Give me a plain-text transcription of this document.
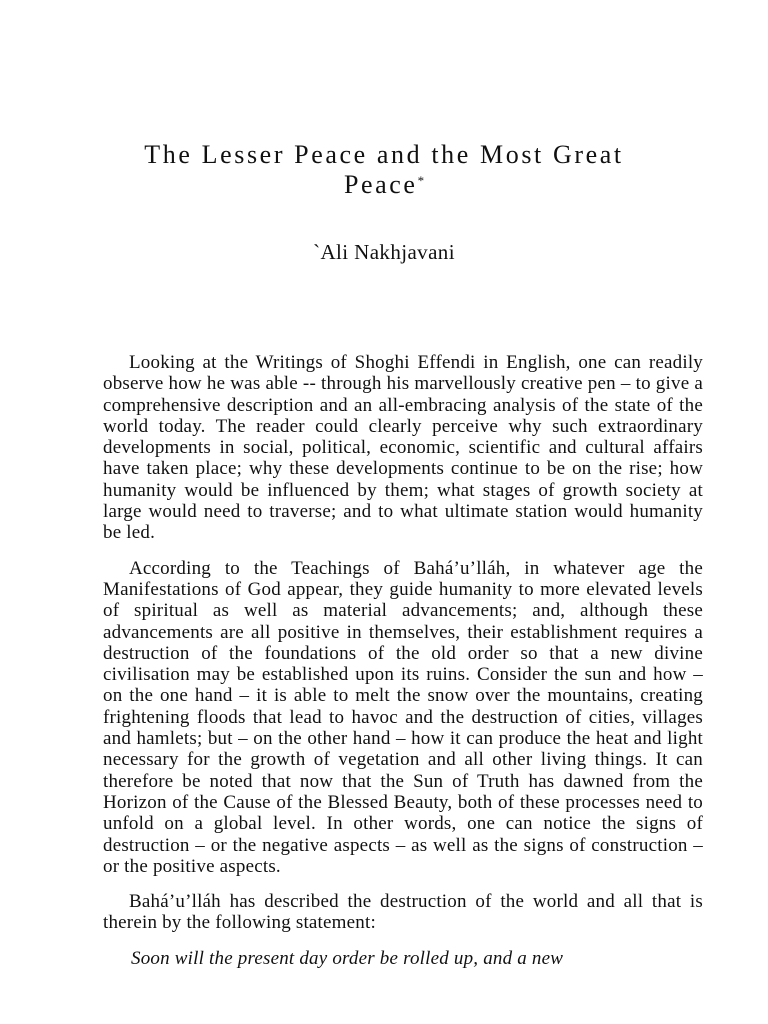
The Lesser Peace and the Most Great Peace*
`Ali Nakhjavani

Looking at the Writings of Shoghi Effendi in English, one can readily observe how he was able -- through his marvellously creative pen – to give a comprehensive description and an all-embracing analysis of the state of the world today. The reader could clearly perceive why such extraordinary developments in social, political, economic, scientific and cultural affairs have taken place; why these developments continue to be on the rise; how humanity would be influenced by them; what stages of growth society at large would need to traverse; and to what ultimate station would humanity be led.

According to the Teachings of Bahá’u’lláh, in whatever age the Manifestations of God appear, they guide humanity to more elevated levels of spiritual as well as material advancements; and, although these advancements are all positive in themselves, their establishment requires a destruction of the foundations of the old order so that a new divine civilisation may be established upon its ruins. Consider the sun and how – on the one hand – it is able to melt the snow over the mountains, creating frightening floods that lead to havoc and the destruction of cities, villages and hamlets; but – on the other hand – how it can produce the heat and light necessary for the growth of vegetation and all other living things. It can therefore be noted that now that the Sun of Truth has dawned from the Horizon of the Cause of the Blessed Beauty, both of these processes need to unfold on a global level. In other words, one can notice the signs of destruction – or the negative aspects – as well as the signs of construction – or the positive aspects.

Bahá’u’lláh has described the destruction of the world and all that is therein by the following statement:

Soon will the present day order be rolled up, and a new
